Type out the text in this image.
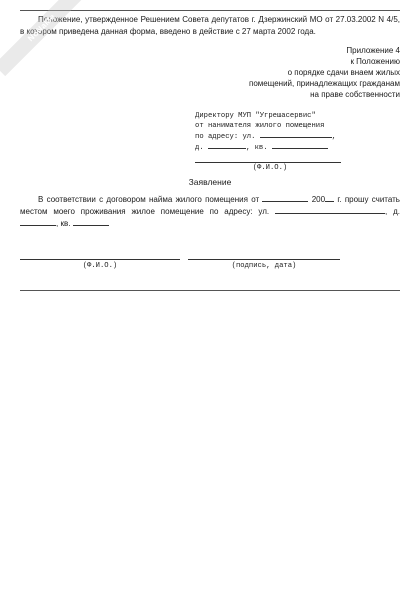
NoNaMe

Положение, утвержденное Решением Совета депутатов г. Дзержинский МО от 27.03.2002 N 4/5, в котором приведена данная форма, введено в действие с 27 марта 2002 года.

Приложение 4
к Положению
о порядке сдачи внаем жилых
помещений, принадлежащих гражданам
на праве собственности
Директору МУП "Угрешасервис"
от нанимателя жилого помещения
по адресу: ул.	,
д.	, кв.
(Ф.И.О.)
Заявление

В соответствии с договором найма жилого помещения от	200 г. прошу считать местом моего проживания жилое помещение по адресу: ул.	, д. , кв.

(Ф.И.О.)	(подпись, дата)
